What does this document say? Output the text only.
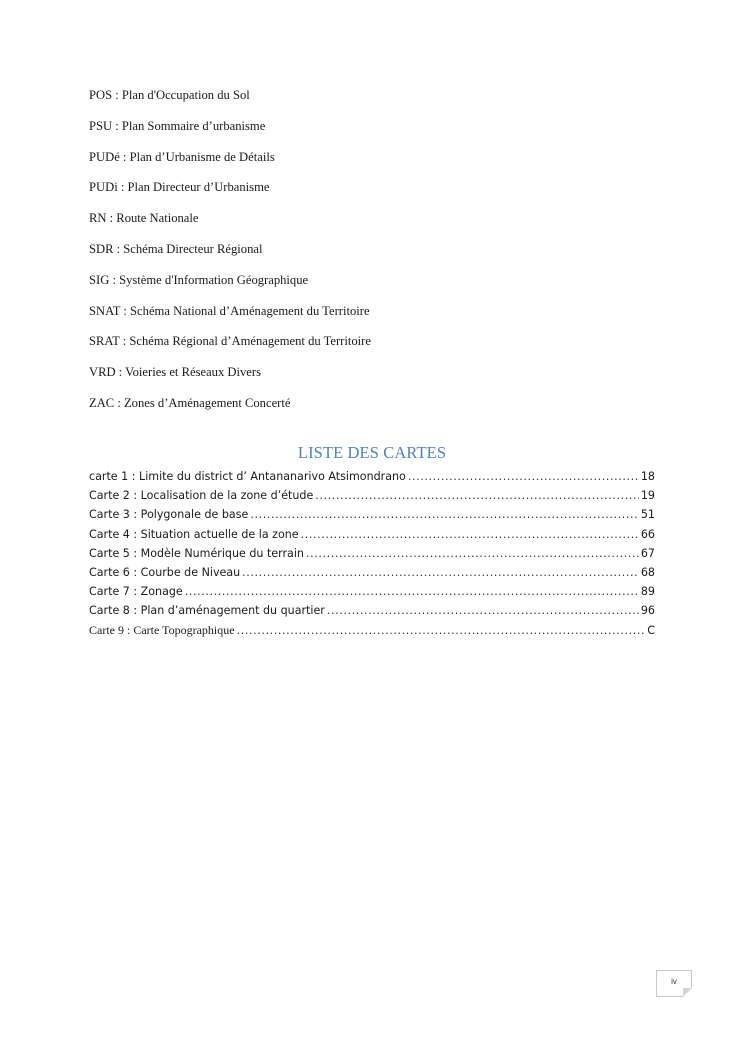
POS : Plan d'Occupation du Sol
PSU : Plan Sommaire d’urbanisme
PUDé : Plan d’Urbanisme de Détails
PUDi : Plan Directeur d’Urbanisme
RN : Route Nationale
SDR : Schéma Directeur Régional
SIG : Système d'Information Géographique
SNAT : Schéma National d’Aménagement du Territoire
SRAT : Schéma Régional d’Aménagement du Territoire
VRD : Voieries et Réseaux Divers
ZAC : Zones d’Aménagement Concerté
LISTE DES CARTES
carte 1 : Limite du district d’ Antananarivo Atsimondrano .....	18
Carte 2 : Localisation de la zone d’étude .....	19
Carte 3 : Polygonale de base .....	51
Carte 4 : Situation actuelle de la zone .....	66
Carte 5 : Modèle Numérique du terrain .....	67
Carte 6 : Courbe de Niveau .....	68
Carte 7 : Zonage .....	89
Carte 8 : Plan d’aménagement du quartier .....	96
Carte 9 : Carte Topographique .....	C
iv
